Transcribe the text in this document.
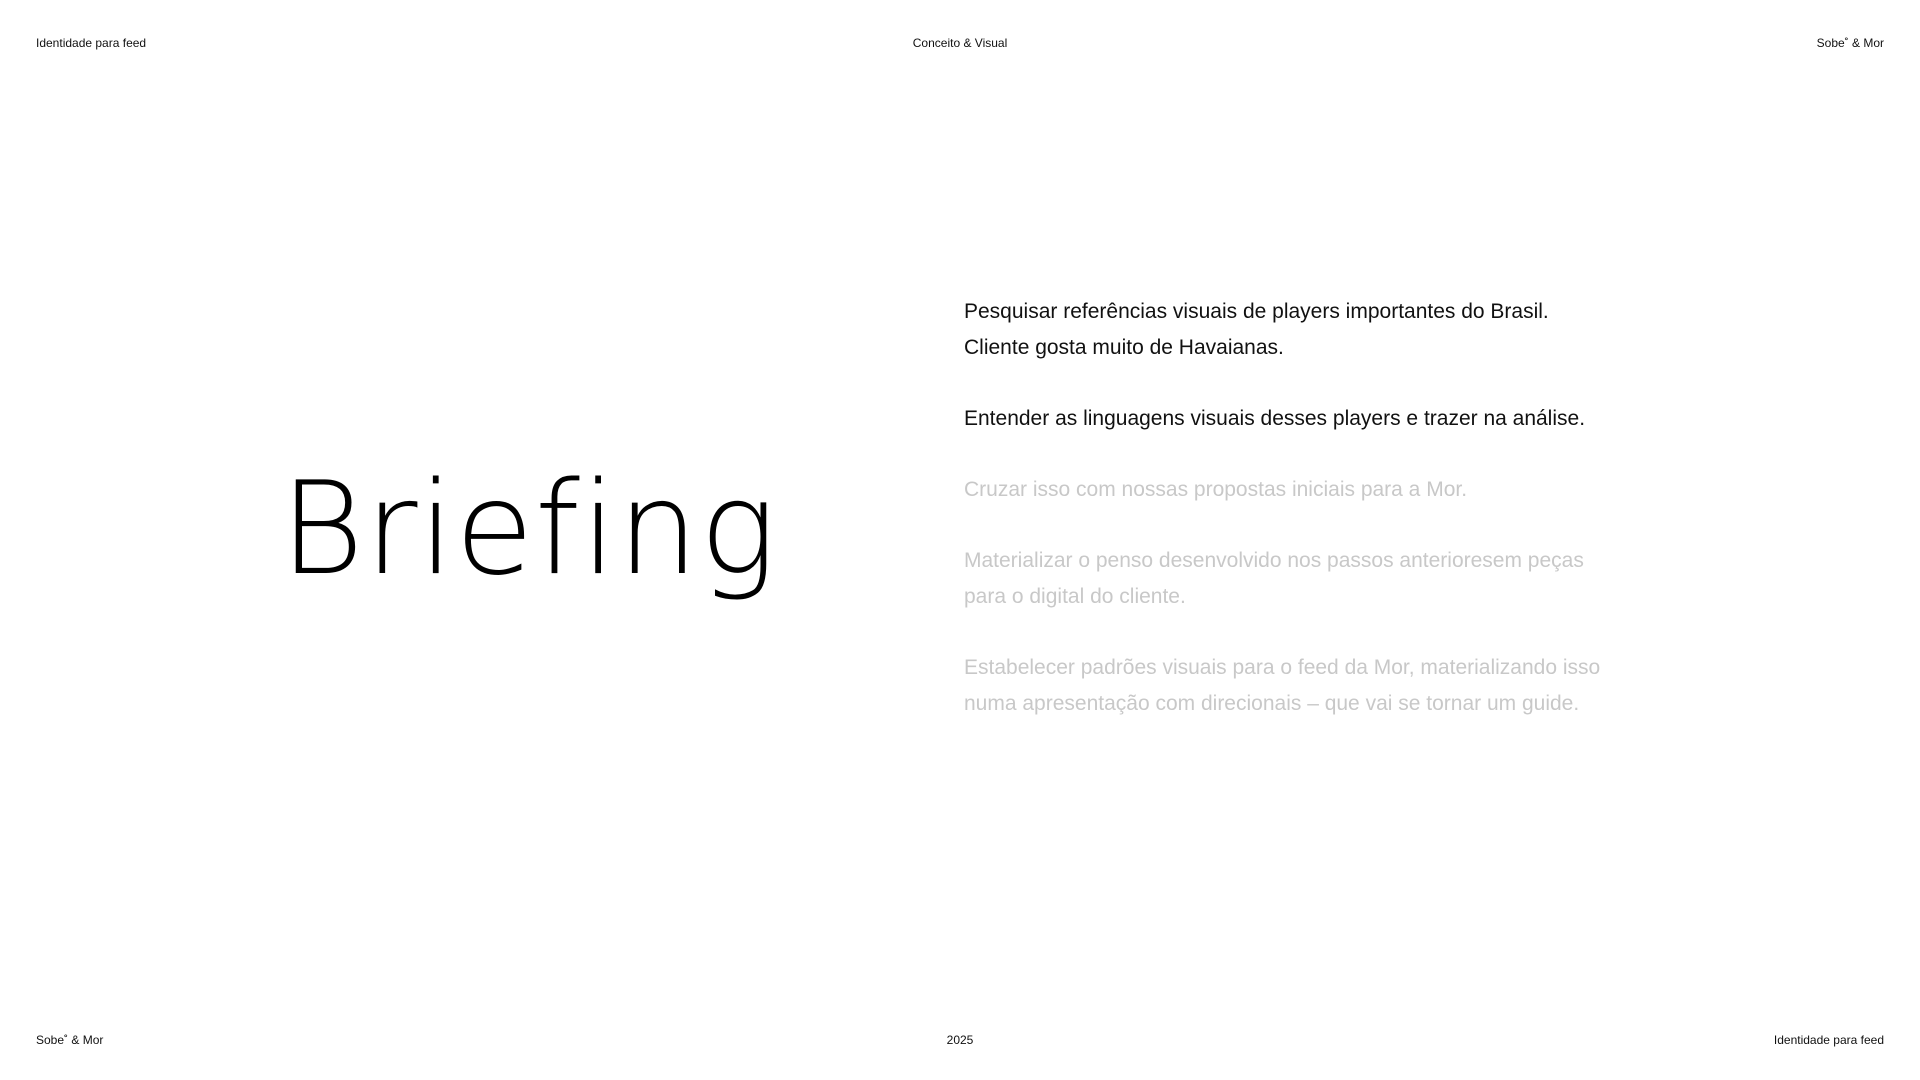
Identidade para feed	Conceito & Visual	Sobe˚ & Mor
Briefing
Pesquisar referências visuais de players importantes do Brasil. Cliente gosta muito de Havaianas.
Entender as linguagens visuais desses players e trazer na análise.
Cruzar isso com nossas propostas iniciais para a Mor.
Materializar o penso desenvolvido nos passos anterioresem peças para o digital do cliente.
Estabelecer padrões visuais para o feed da Mor, materializando isso numa apresentação com direcionais – que vai se tornar um guide.
Sobe˚ & Mor	2025	Identidade para feed
